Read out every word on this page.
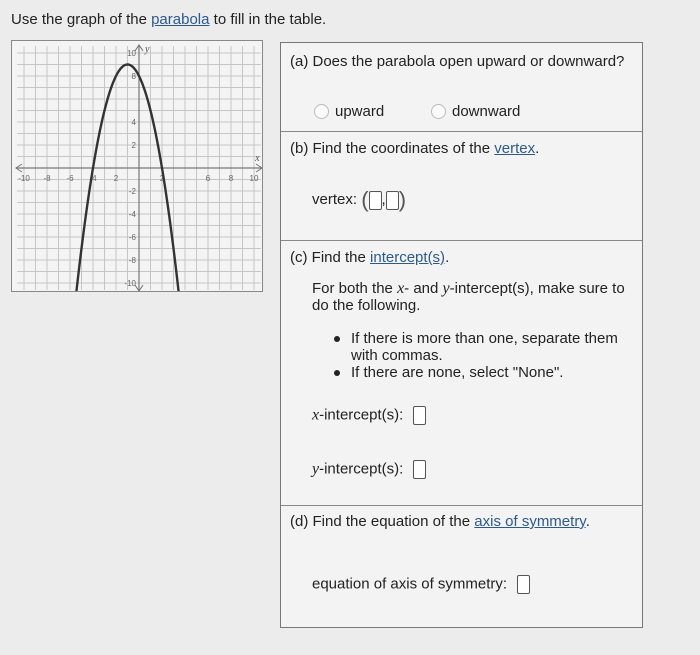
Use the graph of the parabola to fill in the table.
x
y
-10 -8 -6 -4 2	2	6 8 10
10
8
4
2
-2
-4
-6
-8
-10
(a) Does the parabola open upward or downward?
upward	downward
(b) Find the coordinates of the vertex.
vertex: ( , )
(c) Find the intercept(s).
For both the x- and y-intercept(s), make sure to do the following.
If there is more than one, separate them with commas.
If there are none, select "None".
x-intercept(s):
y-intercept(s):
(d) Find the equation of the axis of symmetry.
equation of axis of symmetry:
